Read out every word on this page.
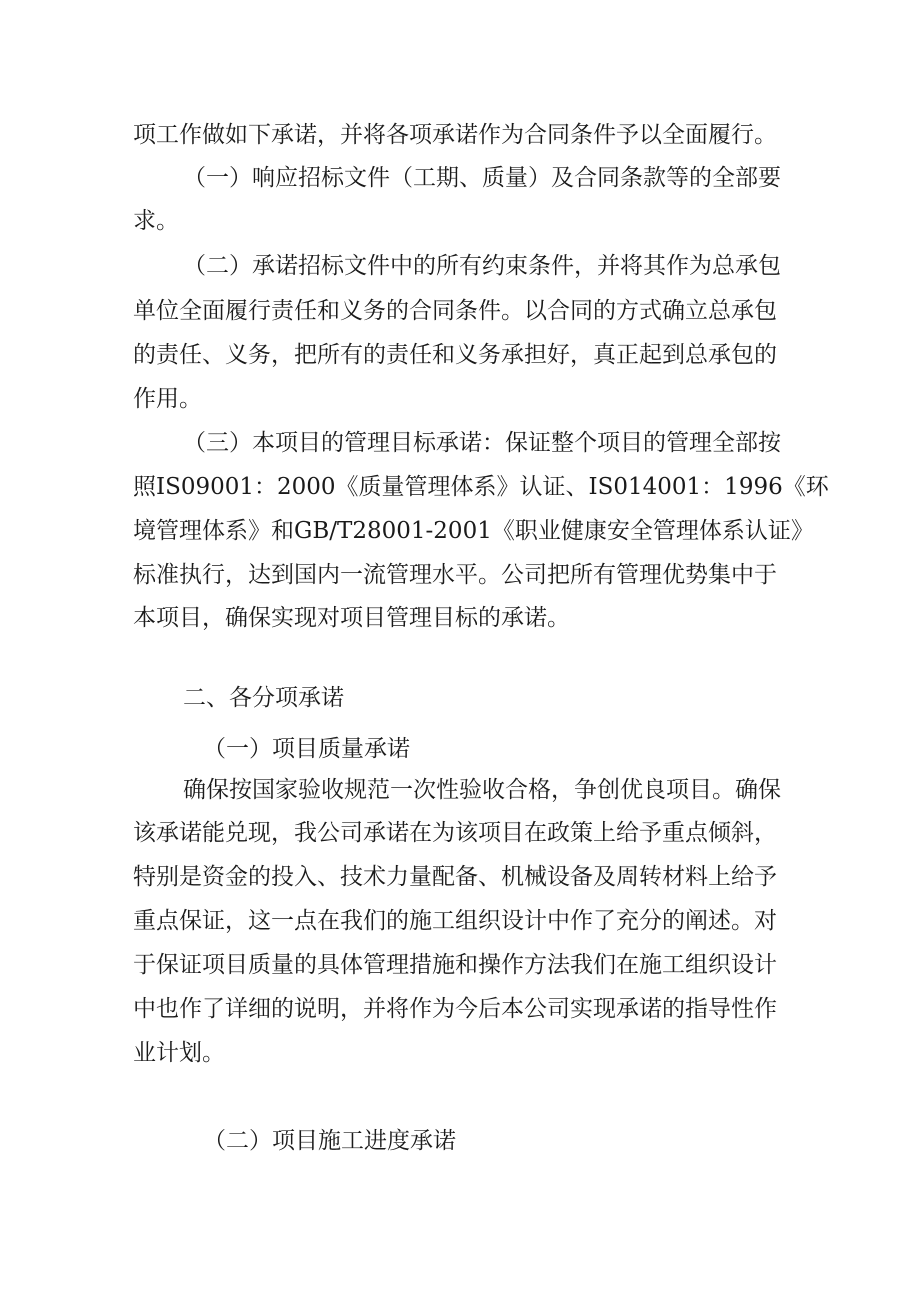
项工作做如下承诺，并将各项承诺作为合同条件予以全面履行。
（一）响应招标文件（工期、质量）及合同条款等的全部要
求。
（二）承诺招标文件中的所有约束条件，并将其作为总承包
单位全面履行责任和义务的合同条件。以合同的方式确立总承包
的责任、义务，把所有的责任和义务承担好，真正起到总承包的
作用。
（三）本项目的管理目标承诺：保证整个项目的管理全部按
照IS09001：2000《质量管理体系》认证、IS014001：1996《环
境管理体系》和GB/T28001-2001《职业健康安全管理体系认证》
标准执行，达到国内一流管理水平。公司把所有管理优势集中于
本项目，确保实现对项目管理目标的承诺。
二、各分项承诺
（一）项目质量承诺
确保按国家验收规范一次性验收合格，争创优良项目。确保
该承诺能兑现，我公司承诺在为该项目在政策上给予重点倾斜，
特别是资金的投入、技术力量配备、机械设备及周转材料上给予
重点保证，这一点在我们的施工组织设计中作了充分的阐述。对
于保证项目质量的具体管理措施和操作方法我们在施工组织设计
中也作了详细的说明，并将作为今后本公司实现承诺的指导性作
业计划。
（二）项目施工进度承诺
